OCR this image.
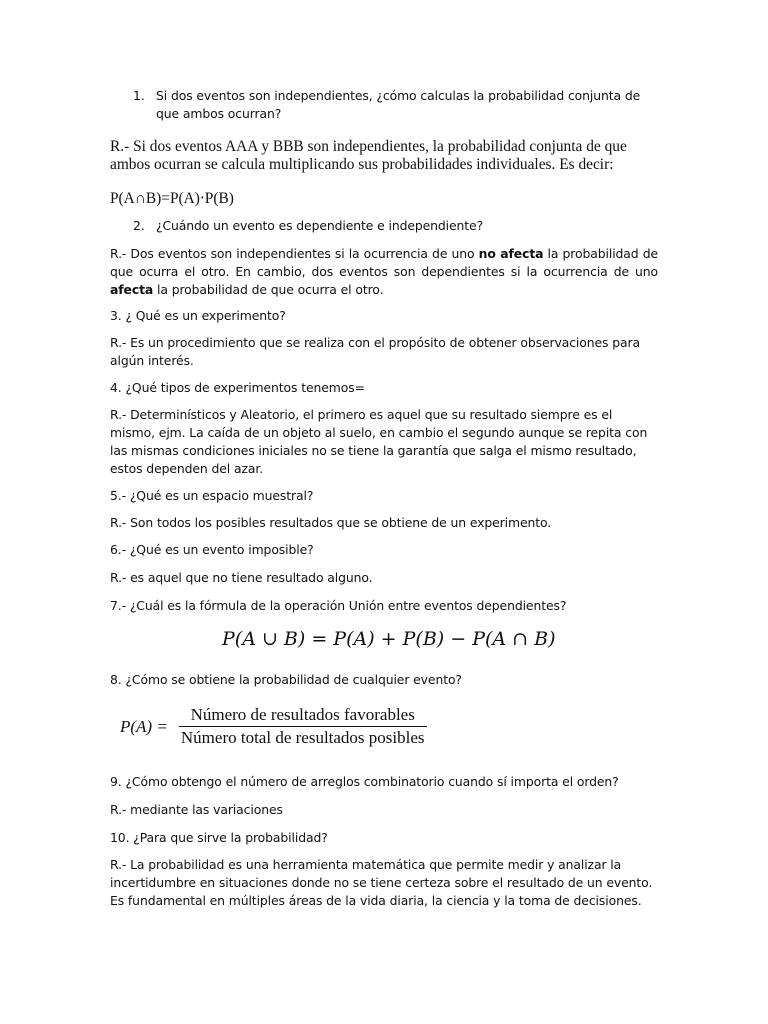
1. Si dos eventos son independientes, ¿cómo calculas la probabilidad conjunta de que ambos ocurran?
R.- Si dos eventos AAA y BBB son independientes, la probabilidad conjunta de que ambos ocurran se calcula multiplicando sus probabilidades individuales. Es decir:
P(A∩B)=P(A)⋅P(B)
2. ¿Cuándo un evento es dependiente e independiente?
R.- Dos eventos son independientes si la ocurrencia de uno no afecta la probabilidad de que ocurra el otro. En cambio, dos eventos son dependientes si la ocurrencia de uno afecta la probabilidad de que ocurra el otro.
3. ¿ Qué es un experimento?
R.- Es un procedimiento que se realiza con el propósito de obtener observaciones para algún interés.
4. ¿Qué tipos de experimentos tenemos=
R.- Determinísticos y Aleatorio, el primero es aquel que su resultado siempre es el mismo, ejm. La caída de un objeto al suelo, en cambio el segundo aunque se repita con las mismas condiciones iniciales no se tiene la garantía que salga el mismo resultado, estos dependen del azar.
5.- ¿Qué es un espacio muestral?
R.- Son todos los posibles resultados que se obtiene de un experimento.
6.- ¿Qué es un evento imposible?
R.- es aquel que no tiene resultado alguno.
7.- ¿Cuál es la fórmula de la operación Unión entre eventos dependientes?
P(A ∪ B) = P(A) + P(B) − P(A ∩ B)
8. ¿Cómo se obtiene la probabilidad de cualquier evento?
$P(A) = \frac{\text{Número de resultados favorables}}{\text{Número total de resultados posibles}}$
9. ¿Cómo obtengo el número de arreglos combinatorio cuando sí importa el orden?
R.- mediante las variaciones
10. ¿Para que sirve la probabilidad?
R.- La probabilidad es una herramienta matemática que permite medir y analizar la incertidumbre en situaciones donde no se tiene certeza sobre el resultado de un evento. Es fundamental en múltiples áreas de la vida diaria, la ciencia y la toma de decisiones.
